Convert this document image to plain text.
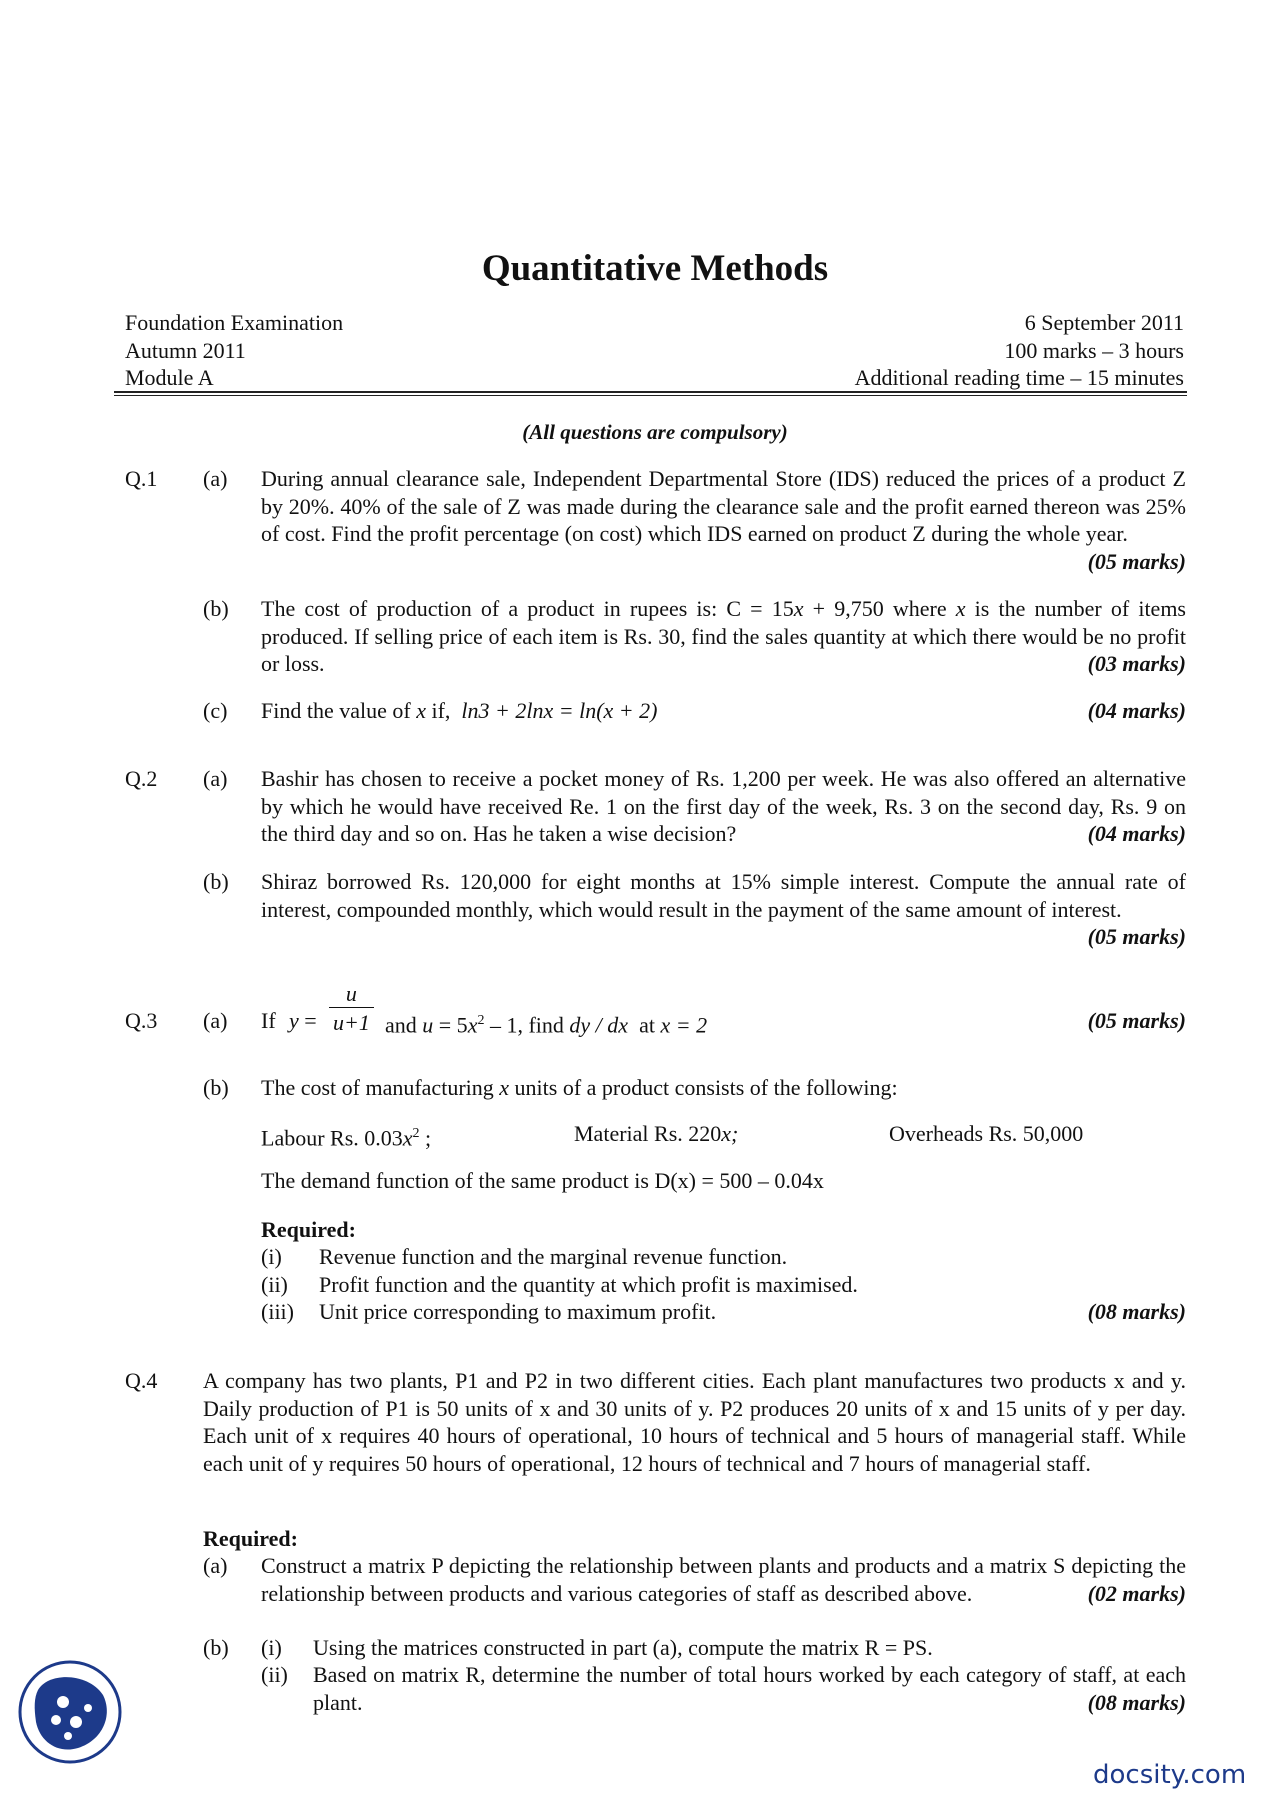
Quantitative Methods
Foundation Examination
Autumn 2011
Module A
6 September 2011
100 marks – 3 hours
Additional reading time – 15 minutes
(All questions are compulsory)
Q.1 (a) During annual clearance sale, Independent Departmental Store (IDS) reduced the prices of a product Z by 20%. 40% of the sale of Z was made during the clearance sale and the profit earned thereon was 25% of cost. Find the profit percentage (on cost) which IDS earned on product Z during the whole year.
(05 marks)
(b) The cost of production of a product in rupees is: C = 15x + 9,750 where x is the number of items produced. If selling price of each item is Rs. 30, find the sales quantity at which there would be no profit or loss.	(03 marks)
(c) Find the value of x if,  ln3 + 2lnx = ln(x + 2)	(04 marks)
Q.2 (a) Bashir has chosen to receive a pocket money of Rs. 1,200 per week. He was also offered an alternative by which he would have received Re. 1 on the first day of the week, Rs. 3 on the second day, Rs. 9 on the third day and so on. Has he taken a wise decision?	(04 marks)
(b) Shiraz borrowed Rs. 120,000 for eight months at 15% simple interest. Compute the annual rate of interest, compounded monthly, which would result in the payment of the same amount of interest.
(05 marks)
Q.3 (a) If $y = \frac{u}{u+1}$ and $u = 5x^2 - 1$, find dy / dx at x = 2	(05 marks)
(b) The cost of manufacturing x units of a product consists of the following:
Labour Rs. $0.03x^2$ ;	Material Rs. 220x;	Overheads Rs. 50,000
The demand function of the same product is D(x) = 500 – 0.04x
Required:
(i) Revenue function and the marginal revenue function.
(ii) Profit function and the quantity at which profit is maximised.
(iii) Unit price corresponding to maximum profit.	(08 marks)
Q.4 A company has two plants, P1 and P2 in two different cities. Each plant manufactures two products x and y. Daily production of P1 is 50 units of x and 30 units of y. P2 produces 20 units of x and 15 units of y per day. Each unit of x requires 40 hours of operational, 10 hours of technical and 5 hours of managerial staff. While each unit of y requires 50 hours of operational, 12 hours of technical and 7 hours of managerial staff.
Required:
(a) Construct a matrix P depicting the relationship between plants and products and a matrix S depicting the relationship between products and various categories of staff as described above.	(02 marks)
(b) (i) Using the matrices constructed in part (a), compute the matrix R = PS.
(ii) Based on matrix R, determine the number of total hours worked by each category of staff, at each plant.	(08 marks)
docsity.com
